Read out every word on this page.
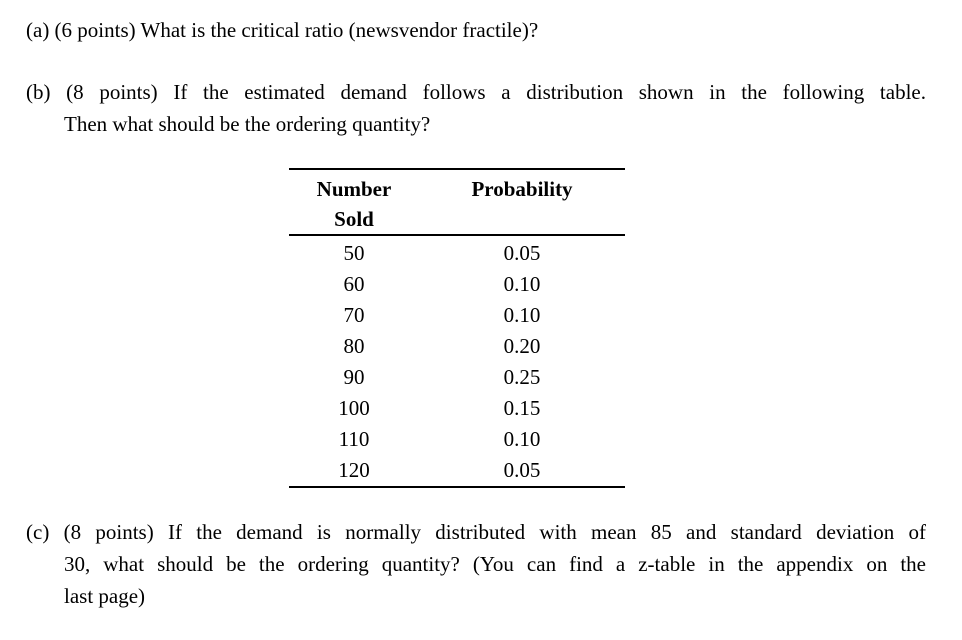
(a) (6 points) What is the critical ratio (newsvendor fractile)?
(b) (8 points) If the estimated demand follows a distribution shown in the following table.
Then what should be the ordering quantity?
Number
Sold	Probability
50	0.05
60	0.10
70	0.10
80	0.20
90	0.25
100	0.15
110	0.10
120	0.05
(c) (8 points) If the demand is normally distributed with mean 85 and standard deviation of
30, what should be the ordering quantity? (You can find a z-table in the appendix on the
last page)
